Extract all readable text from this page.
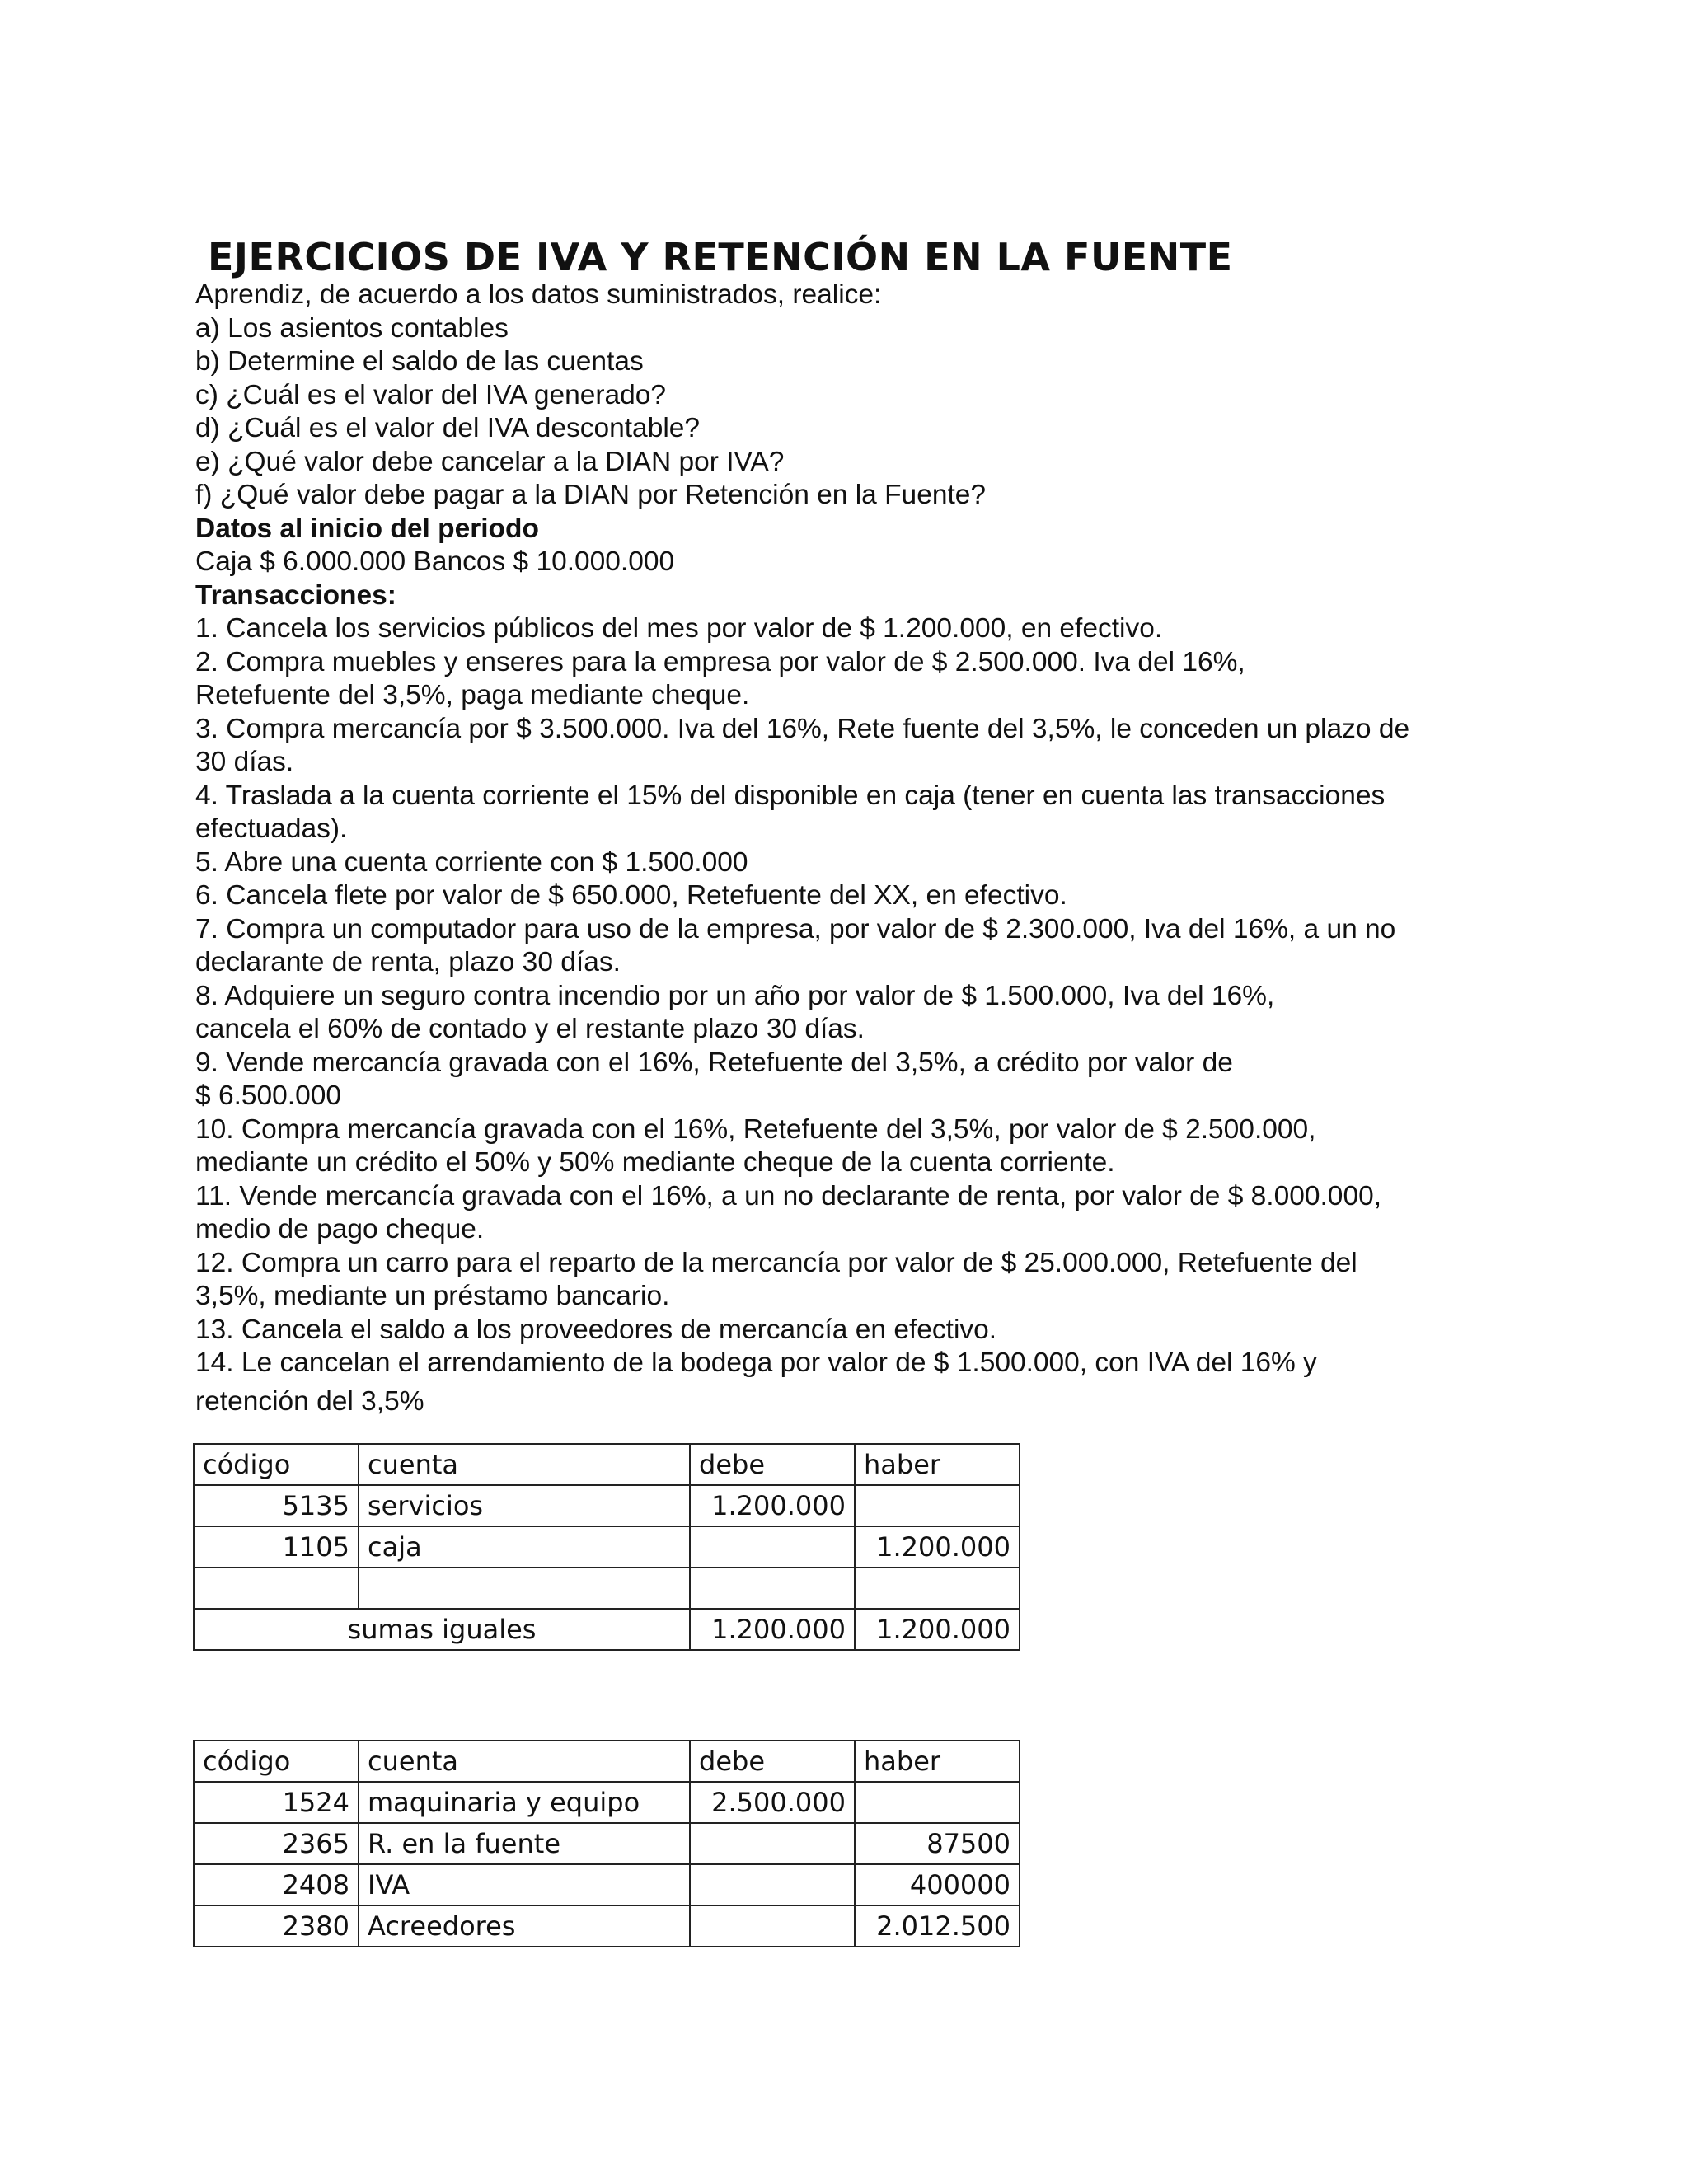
EJERCICIOS DE IVA Y RETENCIÓN EN LA FUENTE
Aprendiz, de acuerdo a los datos suministrados, realice:
a) Los asientos contables
b) Determine el saldo de las cuentas
c) ¿Cuál es el valor del IVA generado?
d) ¿Cuál es el valor del IVA descontable?
e) ¿Qué valor debe cancelar a la DIAN por IVA?
f) ¿Qué valor debe pagar a la DIAN por Retención en la Fuente?
Datos al inicio del periodo
Caja $ 6.000.000 Bancos $ 10.000.000
Transacciones:
1. Cancela los servicios públicos del mes por valor de $ 1.200.000, en efectivo.
2. Compra muebles y enseres para la empresa por valor de $ 2.500.000. Iva del 16%,
Retefuente del 3,5%, paga mediante cheque.
3. Compra mercancía por $ 3.500.000. Iva del 16%, Rete fuente del 3,5%, le conceden un plazo de
30 días.
4. Traslada a la cuenta corriente el 15% del disponible en caja (tener en cuenta las transacciones
efectuadas).
5. Abre una cuenta corriente con $ 1.500.000
6. Cancela flete por valor de $ 650.000, Retefuente del XX, en efectivo.
7. Compra un computador para uso de la empresa, por valor de $ 2.300.000, Iva del 16%, a un no
declarante de renta, plazo 30 días.
8. Adquiere un seguro contra incendio por un año por valor de $ 1.500.000, Iva del 16%,
cancela el 60% de contado y el restante plazo 30 días.
9. Vende mercancía gravada con el 16%, Retefuente del 3,5%, a crédito por valor de
$ 6.500.000
10. Compra mercancía gravada con el 16%, Retefuente del 3,5%, por valor de $ 2.500.000,
mediante un crédito el 50% y 50% mediante cheque de la cuenta corriente.
11. Vende mercancía gravada con el 16%, a un no declarante de renta, por valor de $ 8.000.000,
medio de pago cheque.
12. Compra un carro para el reparto de la mercancía por valor de $ 25.000.000, Retefuente del
3,5%, mediante un préstamo bancario.
13. Cancela el saldo a los proveedores de mercancía en efectivo.
14. Le cancelan el arrendamiento de la bodega por valor de $ 1.500.000, con IVA del 16% y
retención del 3,5%
código	cuenta	debe	haber
5135	servicios	1.200.000	
1105	caja		1.200.000

sumas iguales		1.200.000	1.200.000
código	cuenta	debe	haber
1524	maquinaria y equipo	2.500.000	
2365	R. en la fuente		87500
2408	IVA		400000
2380	Acreedores		2.012.500
